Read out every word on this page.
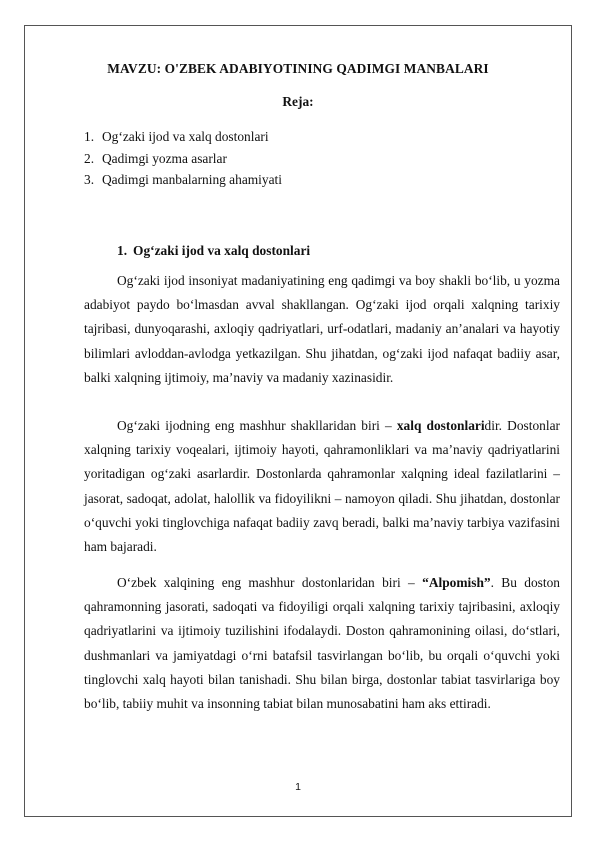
MAVZU: O'ZBEK ADABIYOTINING QADIMGI MANBALARI
Reja:
1. Og‘zaki ijod va xalq dostonlari
2. Qadimgi yozma asarlar
3. Qadimgi manbalarning ahamiyati
1. Og‘zaki ijod va xalq dostonlari

Og‘zaki ijod insoniyat madaniyatining eng qadimgi va boy shakli bo‘lib, u yozma adabiyot paydo bo‘lmasdan avval shakllangan. Og‘zaki ijod orqali xalqning tarixiy tajribasi, dunyoqarashi, axloqiy qadriyatlari, urf-odatlari, madaniy an’analari va hayotiy bilimlari avloddan-avlodga yetkazilgan. Shu jihatdan, og‘zaki ijod nafaqat badiiy asar, balki xalqning ijtimoiy, ma’naviy va madaniy xazinasidir.

Og‘zaki ijodning eng mashhur shakllaridan biri – xalq dostonlaridir. Dostonlar xalqning tarixiy voqealari, ijtimoiy hayoti, qahramonliklari va ma’naviy qadriyatlarini yoritadigan og‘zaki asarlardir. Dostonlarda qahramonlar xalqning ideal fazilatlarini – jasorat, sadoqat, adolat, halollik va fidoyilikni – namoyon qiladi. Shu jihatdan, dostonlar o‘quvchi yoki tinglovchiga nafaqat badiiy zavq beradi, balki ma’naviy tarbiya vazifasini ham bajaradi.

O‘zbek xalqining eng mashhur dostonlaridan biri – “Alpomish”. Bu doston qahramonning jasorati, sadoqati va fidoyiligi orqali xalqning tarixiy tajribasini, axloqiy qadriyatlarini va ijtimoiy tuzilishini ifodalaydi. Doston qahramonining oilasi, do‘stlari, dushmanlari va jamiyatdagi o‘rni batafsil tasvirlangan bo‘lib, bu orqali o‘quvchi yoki tinglovchi xalq hayoti bilan tanishadi. Shu bilan birga, dostonlar tabiat tasvirlariga boy bo‘lib, tabiiy muhit va insonning tabiat bilan munosabatini ham aks ettiradi.

1
